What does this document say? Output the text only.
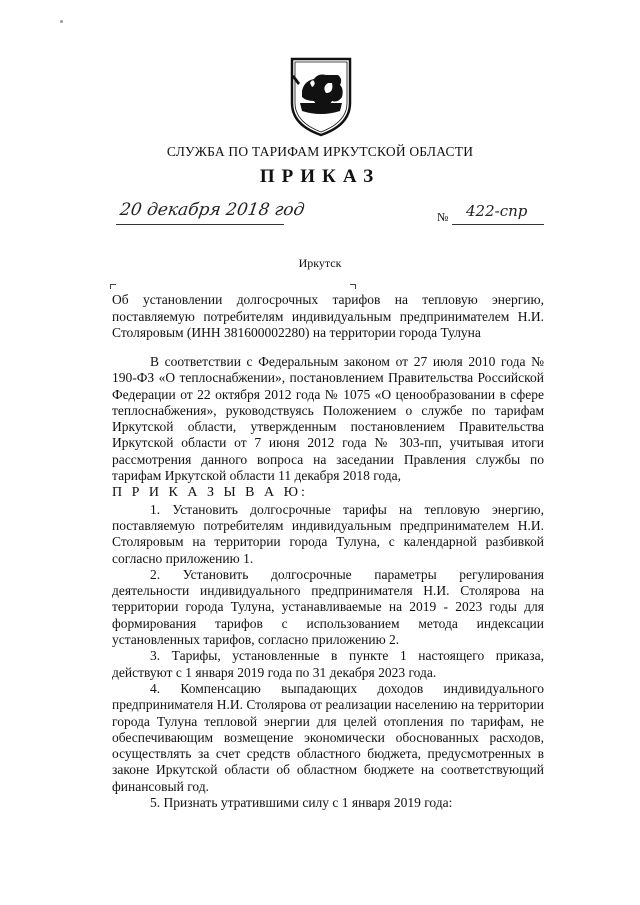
СЛУЖБА ПО ТАРИФАМ ИРКУТСКОЙ ОБЛАСТИ
ПРИКАЗ
20 декабря 2018 год	№ 422-спр
Иркутск

Об установлении долгосрочных тарифов на тепловую энергию, поставляемую потребителям индивидуальным предпринимателем Н.И. Столяровым (ИНН 381600002280) на территории города Тулуна

В соответствии с Федеральным законом от 27 июля 2010 года № 190-ФЗ «О теплоснабжении», постановлением Правительства Российской Федерации от 22 октября 2012 года № 1075 «О ценообразовании в сфере теплоснабжения», руководствуясь Положением о службе по тарифам Иркутской области, утвержденным постановлением Правительства Иркутской области от 7 июня 2012 года № 303-пп, учитывая итоги рассмотрения данного вопроса на заседании Правления службы по тарифам Иркутской области 11 декабря 2018 года,

П Р И К А З Ы В А Ю:

1. Установить долгосрочные тарифы на тепловую энергию, поставляемую потребителям индивидуальным предпринимателем Н.И. Столяровым на территории города Тулуна, с календарной разбивкой согласно приложению 1.

2. Установить долгосрочные параметры регулирования деятельности индивидуального предпринимателя Н.И. Столярова на территории города Тулуна, устанавливаемые на 2019 - 2023 годы для формирования тарифов с использованием метода индексации установленных тарифов, согласно приложению 2.

3. Тарифы, установленные в пункте 1 настоящего приказа, действуют с 1 января 2019 года по 31 декабря 2023 года.

4. Компенсацию выпадающих доходов индивидуального предпринимателя Н.И. Столярова от реализации населению на территории города Тулуна тепловой энергии для целей отопления по тарифам, не обеспечивающим возмещение экономически обоснованных расходов, осуществлять за счет средств областного бюджета, предусмотренных в законе Иркутской области об областном бюджете на соответствующий финансовый год.

5. Признать утратившими силу с 1 января 2019 года:
